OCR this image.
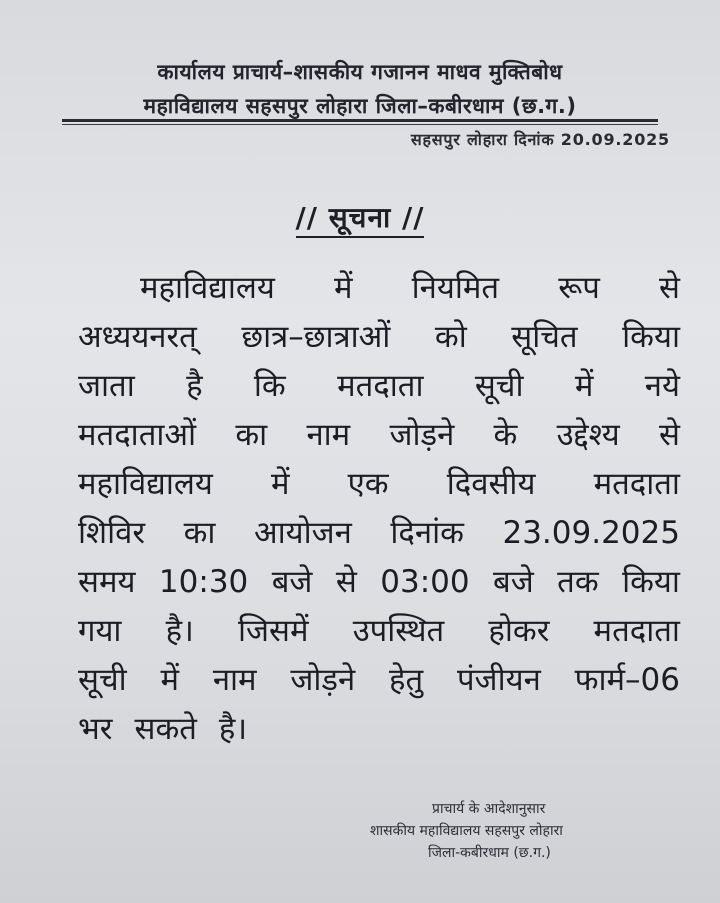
कार्यालय प्राचार्य–शासकीय गजानन माधव मुक्तिबोध
महाविद्यालय सहसपुर लोहारा जिला–कबीरधाम (छ.ग.)
सहसपुर लोहारा दिनांक 20.09.2025
// सूचना //
महाविद्यालय में नियमित रूप से
अध्ययनरत् छात्र–छात्राओं को सूचित किया
जाता है कि मतदाता सूची में नये
मतदाताओं का नाम जोड़ने के उद्देश्य से
महाविद्यालय में एक दिवसीय मतदाता
शिविर का आयोजन दिनांक 23.09.2025
समय 10:30 बजे से 03:00 बजे तक किया
गया है। जिसमें उपस्थित होकर मतदाता
सूची में नाम जोड़ने हेतु पंजीयन फार्म–06
भर सकते है।
प्राचार्य के आदेशानुसार
शासकीय महाविद्यालय सहसपुर लोहारा
जिला-कबीरधाम (छ.ग.)
